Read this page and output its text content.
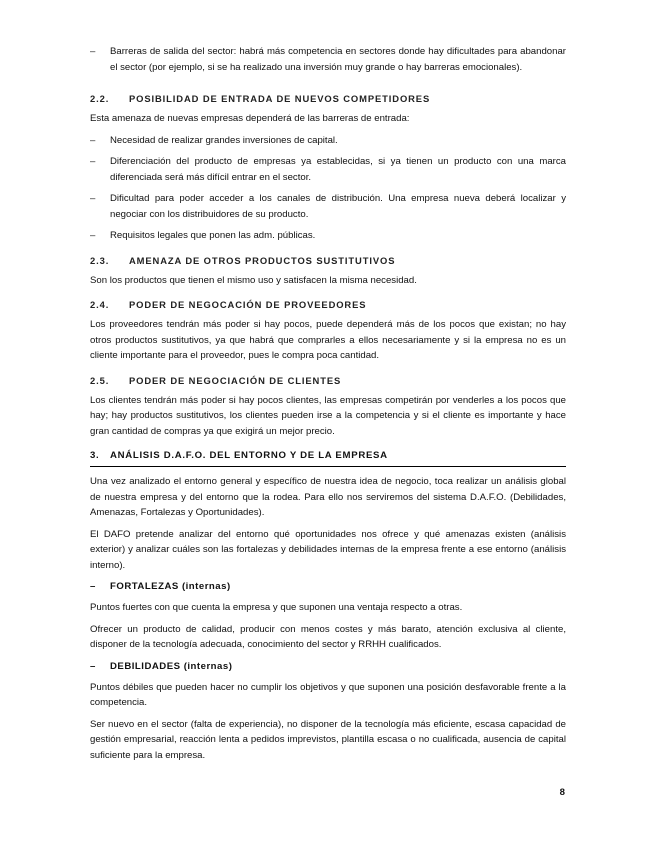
– Barreras de salida del sector: habrá más competencia en sectores donde hay dificultades para abandonar el sector (por ejemplo, si se ha realizado una inversión muy grande o hay barreras emocionales).
2.2.	POSIBILIDAD DE ENTRADA DE NUEVOS COMPETIDORES
Esta amenaza de nuevas empresas dependerá de las barreras de entrada:
– Necesidad de realizar grandes inversiones de capital.
– Diferenciación del producto de empresas ya establecidas, si ya tienen un producto con una marca diferenciada será más difícil entrar en el sector.
– Dificultad para poder acceder a los canales de distribución. Una empresa nueva deberá localizar y negociar con los distribuidores de su producto.
– Requisitos legales que ponen las adm. públicas.
2.3.	AMENAZA DE OTROS PRODUCTOS SUSTITUTIVOS
Son los productos que tienen el mismo uso y satisfacen la misma necesidad.
2.4.	PODER DE NEGOCACIÓN DE PROVEEDORES
Los proveedores tendrán más poder si hay pocos, puede dependerá más de los pocos que existan; no hay otros productos sustitutivos, ya que habrá que comprarles a ellos necesariamente y si la empresa no es un cliente importante para el proveedor, pues le compra poca cantidad.
2.5.	PODER DE NEGOCIACIÓN DE CLIENTES
Los clientes tendrán más poder si hay pocos clientes, las empresas competirán por venderles a los pocos que hay; hay productos sustitutivos, los clientes pueden irse a la competencia y si el cliente es importante y hace gran cantidad de compras ya que exigirá un mejor precio.
3.	ANÁLISIS D.A.F.O. DEL ENTORNO Y DE LA EMPRESA
Una vez analizado el entorno general y específico de nuestra idea de negocio, toca realizar un análisis global de nuestra empresa y del entorno que la rodea. Para ello nos serviremos del sistema D.A.F.O. (Debilidades, Amenazas, Fortalezas y Oportunidades).
El DAFO pretende analizar del entorno qué oportunidades nos ofrece y qué amenazas existen (análisis exterior) y analizar cuáles son las fortalezas y debilidades internas de la empresa frente a ese entorno (análisis interno).
– FORTALEZAS (internas)
Puntos fuertes con que cuenta la empresa y que suponen una ventaja respecto a otras.
Ofrecer un producto de calidad, producir con menos costes y más barato, atención exclusiva al cliente, disponer de la tecnología adecuada, conocimiento del sector y RRHH cualificados.
– DEBILIDADES (internas)
Puntos débiles que pueden hacer no cumplir los objetivos y que suponen una posición desfavorable frente a la competencia.
Ser nuevo en el sector (falta de experiencia), no disponer de la tecnología más eficiente, escasa capacidad de gestión empresarial, reacción lenta a pedidos imprevistos, plantilla escasa o no cualificada, ausencia de capital suficiente para la empresa.
8
